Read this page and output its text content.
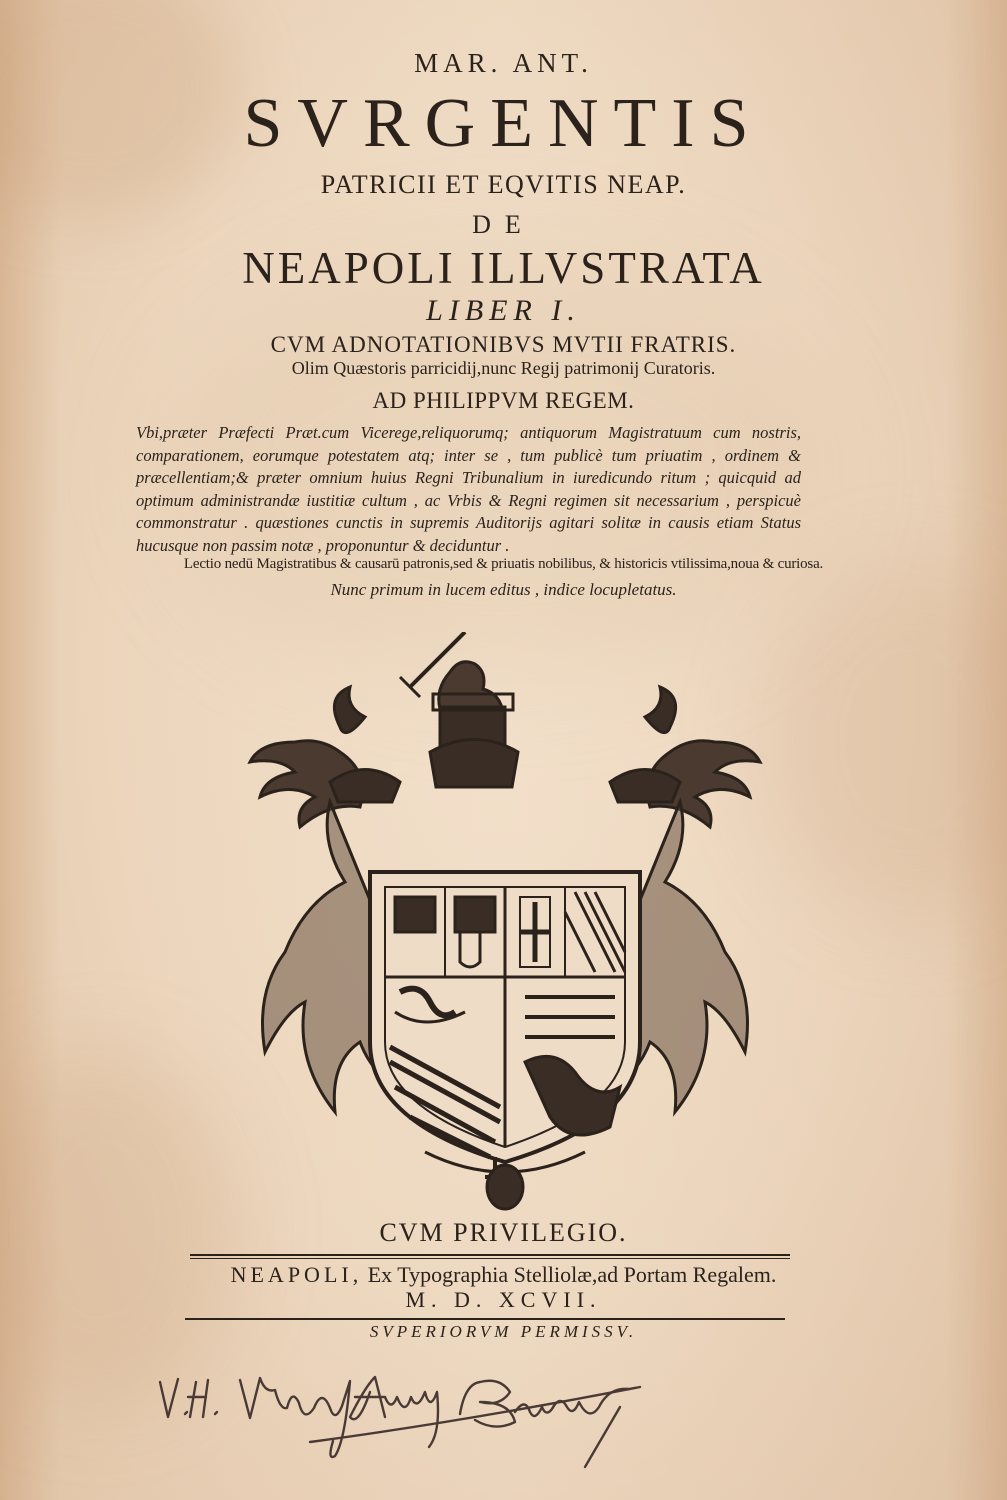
MAR. ANT.
SVRGENTIS
PATRICII ET EQVITIS NEAP.
DE
NEAPOLI ILLVSTRATA
LIBER I.
CVM ADNOTATIONIBVS MVTII FRATRIS.
Olim Quæstoris parricidij,nunc Regij patrimonij Curatoris.
AD PHILIPPVM REGEM.
Vbi,præter Præfecti Præt.cum Vicerege,reliquorumq; antiquorum Magistratuum cum nostris, comparationem, eorumque potestatem atq; inter se , tum publicè tum priuatim , ordinem & præcellentiam;& præter omnium huius Regni Tribunalium in iuredicundo ritum ; quicquid ad optimum administrandæ iustitiæ cultum , ac Vrbis & Regni regimen sit necessarium , perspicuè commonstratur . quæstiones cunctis in supremis Auditorijs agitari solitæ in causis etiam Status hucusque non passim notæ , proponuntur & deciduntur .
Lectio nedū Magistratibus & causarū patronis,sed & priuatis nobilibus, & historicis vtilissima,noua & curiosa.
Nunc primum in lucem editus , indice locupletatus.
CVM PRIVILEGIO.
NEAPOLI, Ex Typographia Stelliolæ,ad Portam Regalem.
M. D. XCVII.
SVPERIORVM PERMISSV.
